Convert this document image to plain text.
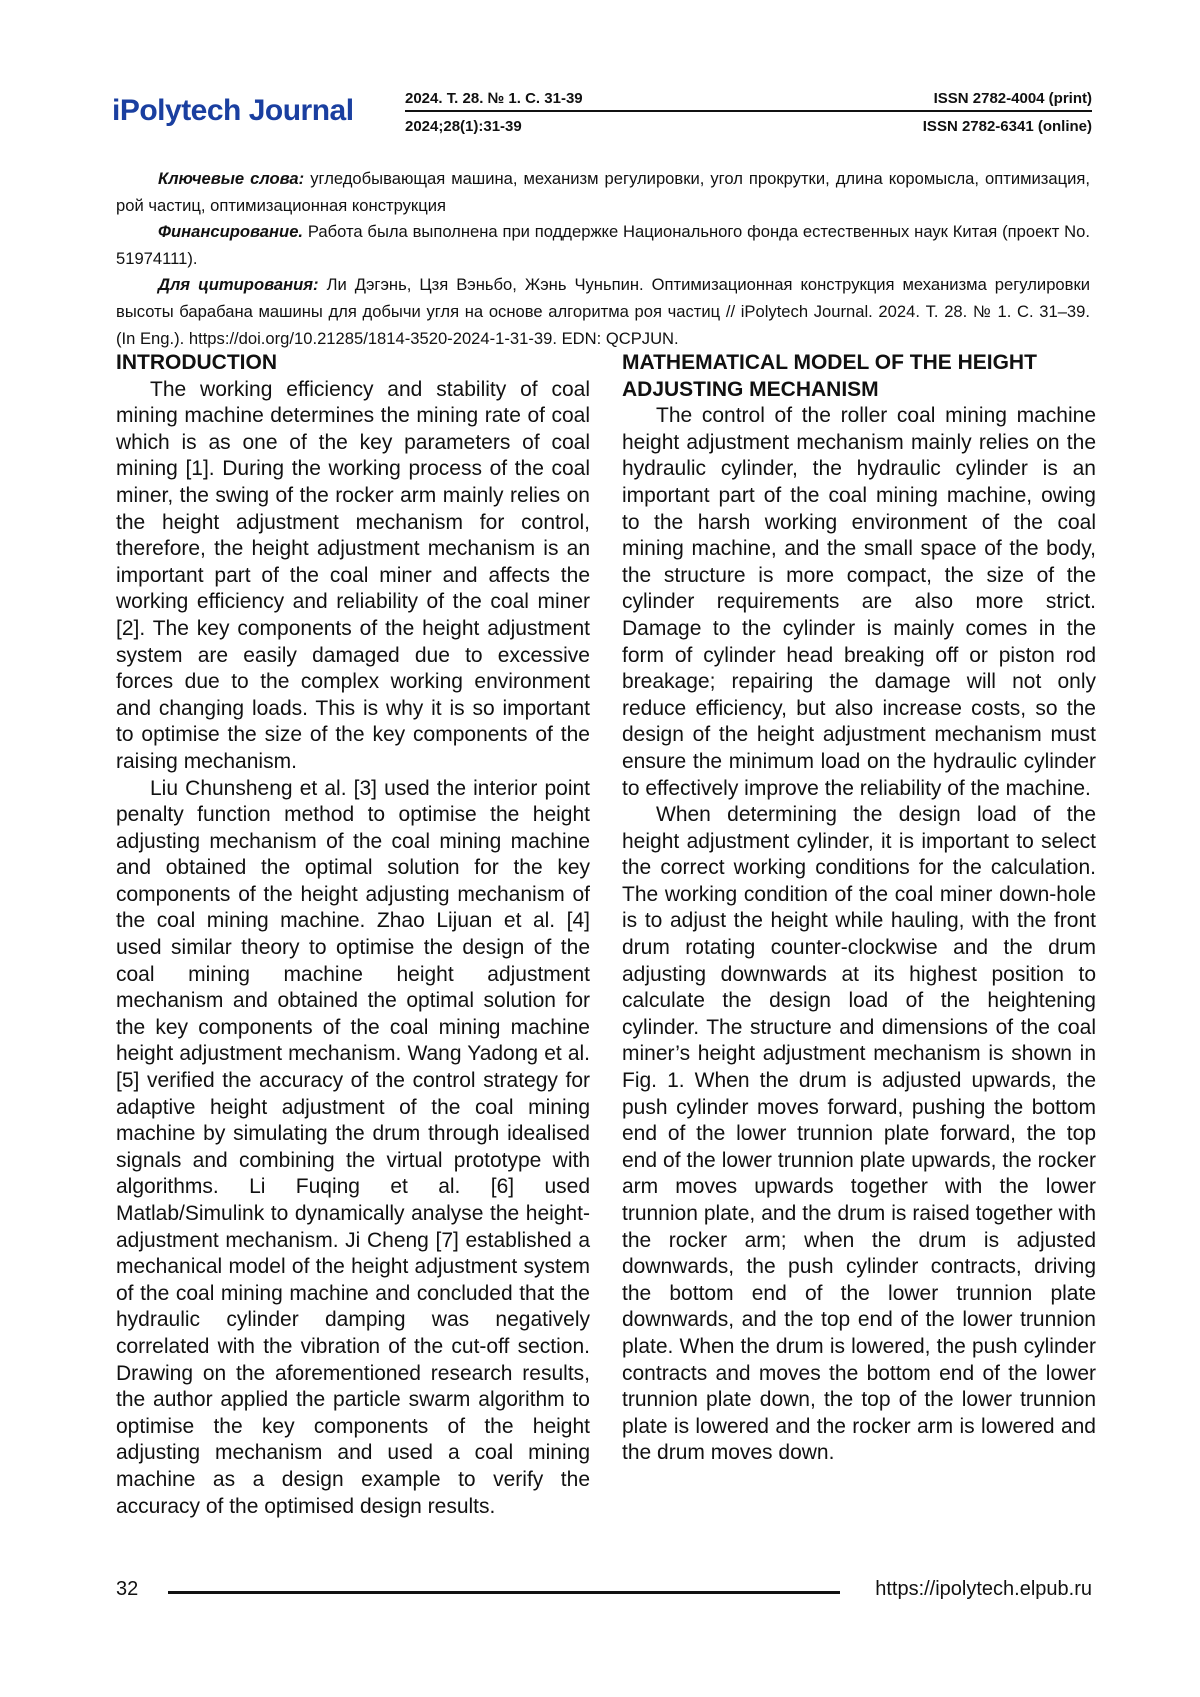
iPolytech Journal	2024. Т. 28. № 1. С. 31-39	ISSN 2782-4004 (print)
2024;28(1):31-39	ISSN 2782-6341 (online)

Ключевые слова: угледобывающая машина, механизм регулировки, угол прокрутки, длина коромысла, оптимизация, рой частиц, оптимизационная конструкция

Финансирование. Работа была выполнена при поддержке Национального фонда естественных наук Китая (проект No. 51974111).

Для цитирования: Ли Дэгэнь, Цзя Вэньбо, Жэнь Чуньпин. Оптимизационная конструкция механизма регулировки высоты барабана машины для добычи угля на основе алгоритма роя частиц // iPolytech Journal. 2024. Т. 28. № 1. С. 31–39. (In Eng.). https://doi.org/10.21285/1814-3520-2024-1-31-39. EDN: QCPJUN.

INTRODUCTION

The working efficiency and stability of coal mining machine determines the mining rate of coal which is as one of the key parameters of coal mining [1]. During the working process of the coal miner, the swing of the rocker arm mainly relies on the height adjustment mechanism for control, therefore, the height adjustment mechanism is an important part of the coal miner and affects the working efficiency and reliability of the coal miner [2]. The key components of the height adjustment system are easily damaged due to excessive forces due to the complex working environment and changing loads. This is why it is so important to optimise the size of the key components of the raising mechanism.

Liu Chunsheng et al. [3] used the interior point penalty function method to optimise the height adjusting mechanism of the coal mining machine and obtained the optimal solution for the key components of the height adjusting mechanism of the coal mining machine. Zhao Lijuan et al. [4] used similar theory to optimise the design of the coal mining machine height adjustment mechanism and obtained the optimal solution for the key components of the coal mining machine height adjustment mechanism. Wang Yadong et al. [5] verified the accuracy of the control strategy for adaptive height adjustment of the coal mining machine by simulating the drum through idealised signals and combining the virtual prototype with algorithms. Li Fuqing et al. [6] used Matlab/Simulink to dynamically analyse the height-adjustment mechanism. Ji Cheng [7] established a mechanical model of the height adjustment system of the coal mining machine and concluded that the hydraulic cylinder damping was negatively correlated with the vibration of the cut-off section. Drawing on the aforementioned research results, the author applied the particle swarm algorithm to optimise the key components of the height adjusting mechanism and used a coal mining machine as a design example to verify the accuracy of the optimised design results.

MATHEMATICAL MODEL OF THE HEIGHT ADJUSTING MECHANISM

The control of the roller coal mining machine height adjustment mechanism mainly relies on the hydraulic cylinder, the hydraulic cylinder is an important part of the coal mining machine, owing to the harsh working environment of the coal mining machine, and the small space of the body, the structure is more compact, the size of the cylinder requirements are also more strict. Damage to the cylinder is mainly comes in the form of cylinder head breaking off or piston rod breakage; repairing the damage will not only reduce efficiency, but also increase costs, so the design of the height adjustment mechanism must ensure the minimum load on the hydraulic cylinder to effectively improve the reliability of the machine.

When determining the design load of the height adjustment cylinder, it is important to select the correct working conditions for the calculation. The working condition of the coal miner down-hole is to adjust the height while hauling, with the front drum rotating counter-clockwise and the drum adjusting downwards at its highest position to calculate the design load of the heightening cylinder. The structure and dimensions of the coal miner’s height adjustment mechanism is shown in Fig. 1. When the drum is adjusted upwards, the push cylinder moves forward, pushing the bottom end of the lower trunnion plate forward, the top end of the lower trunnion plate upwards, the rocker arm moves upwards together with the lower trunnion plate, and the drum is raised together with the rocker arm; when the drum is adjusted downwards, the push cylinder contracts, driving the bottom end of the lower trunnion plate downwards, and the top end of the lower trunnion plate. When the drum is lowered, the push cylinder contracts and moves the bottom end of the lower trunnion plate down, the top of the lower trunnion plate is lowered and the rocker arm is lowered and the drum moves down.

32	https://ipolytech.elpub.ru
